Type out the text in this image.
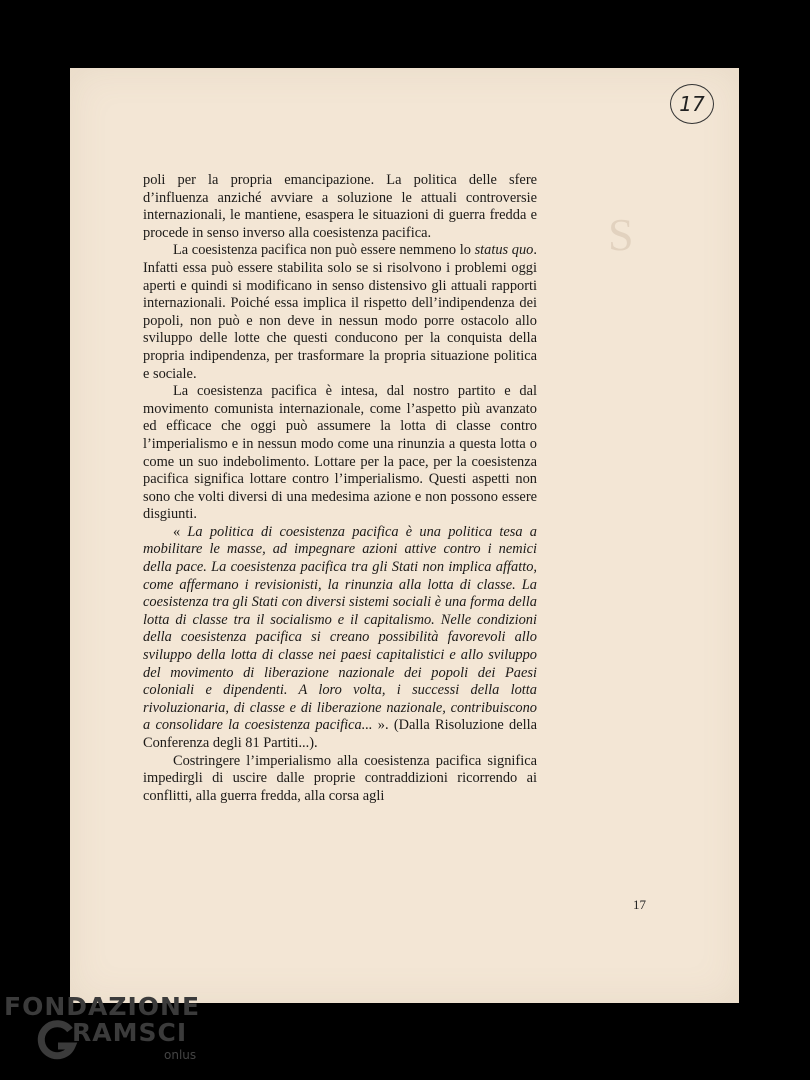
S
17

poli per la propria emancipazione. La politica delle sfere d’influenza anziché avviare a soluzione le attuali controversie internazionali, le mantiene, esaspera le situazioni di guerra fredda e procede in senso inverso alla coesistenza pacifica.

La coesistenza pacifica non può essere nemmeno lo status quo. Infatti essa può essere stabilita solo se si risolvono i problemi oggi aperti e quindi si modificano in senso distensivo gli attuali rapporti internazionali. Poiché essa implica il rispetto dell’indipendenza dei popoli, non può e non deve in nessun modo porre ostacolo allo sviluppo delle lotte che questi conducono per la conquista della propria indipendenza, per trasformare la propria situazione politica e sociale.

La coesistenza pacifica è intesa, dal nostro partito e dal movimento comunista internazionale, come l’aspetto più avanzato ed efficace che oggi può assumere la lotta di classe contro l’imperialismo e in nessun modo come una rinunzia a questa lotta o come un suo indebolimento. Lottare per la pace, per la coesistenza pacifica significa lottare contro l’imperialismo. Questi aspetti non sono che volti diversi di una medesima azione e non possono essere disgiunti.

« La politica di coesistenza pacifica è una politica tesa a mobilitare le masse, ad impegnare azioni attive contro i nemici della pace. La coesistenza pacifica tra gli Stati non implica affatto, come affermano i revisionisti, la rinunzia alla lotta di classe. La coesistenza tra gli Stati con diversi sistemi sociali è una forma della lotta di classe tra il socialismo e il capitalismo. Nelle condizioni della coesistenza pacifica si creano possibilità favorevoli allo sviluppo della lotta di classe nei paesi capitalistici e allo sviluppo del movimento di liberazione nazionale dei popoli dei Paesi coloniali e dipendenti. A loro volta, i successi della lotta rivoluzionaria, di classe e di liberazione nazionale, contribuiscono a consolidare la coesistenza pacifica... ». (Dalla Risoluzione della Conferenza degli 81 Partiti...).

Costringere l’imperialismo alla coesistenza pacifica significa impedirgli di uscire dalle proprie contraddizioni ricorrendo ai conflitti, alla guerra fredda, alla corsa agli

17
FONDAZIONE
RAMSCI
onlus
